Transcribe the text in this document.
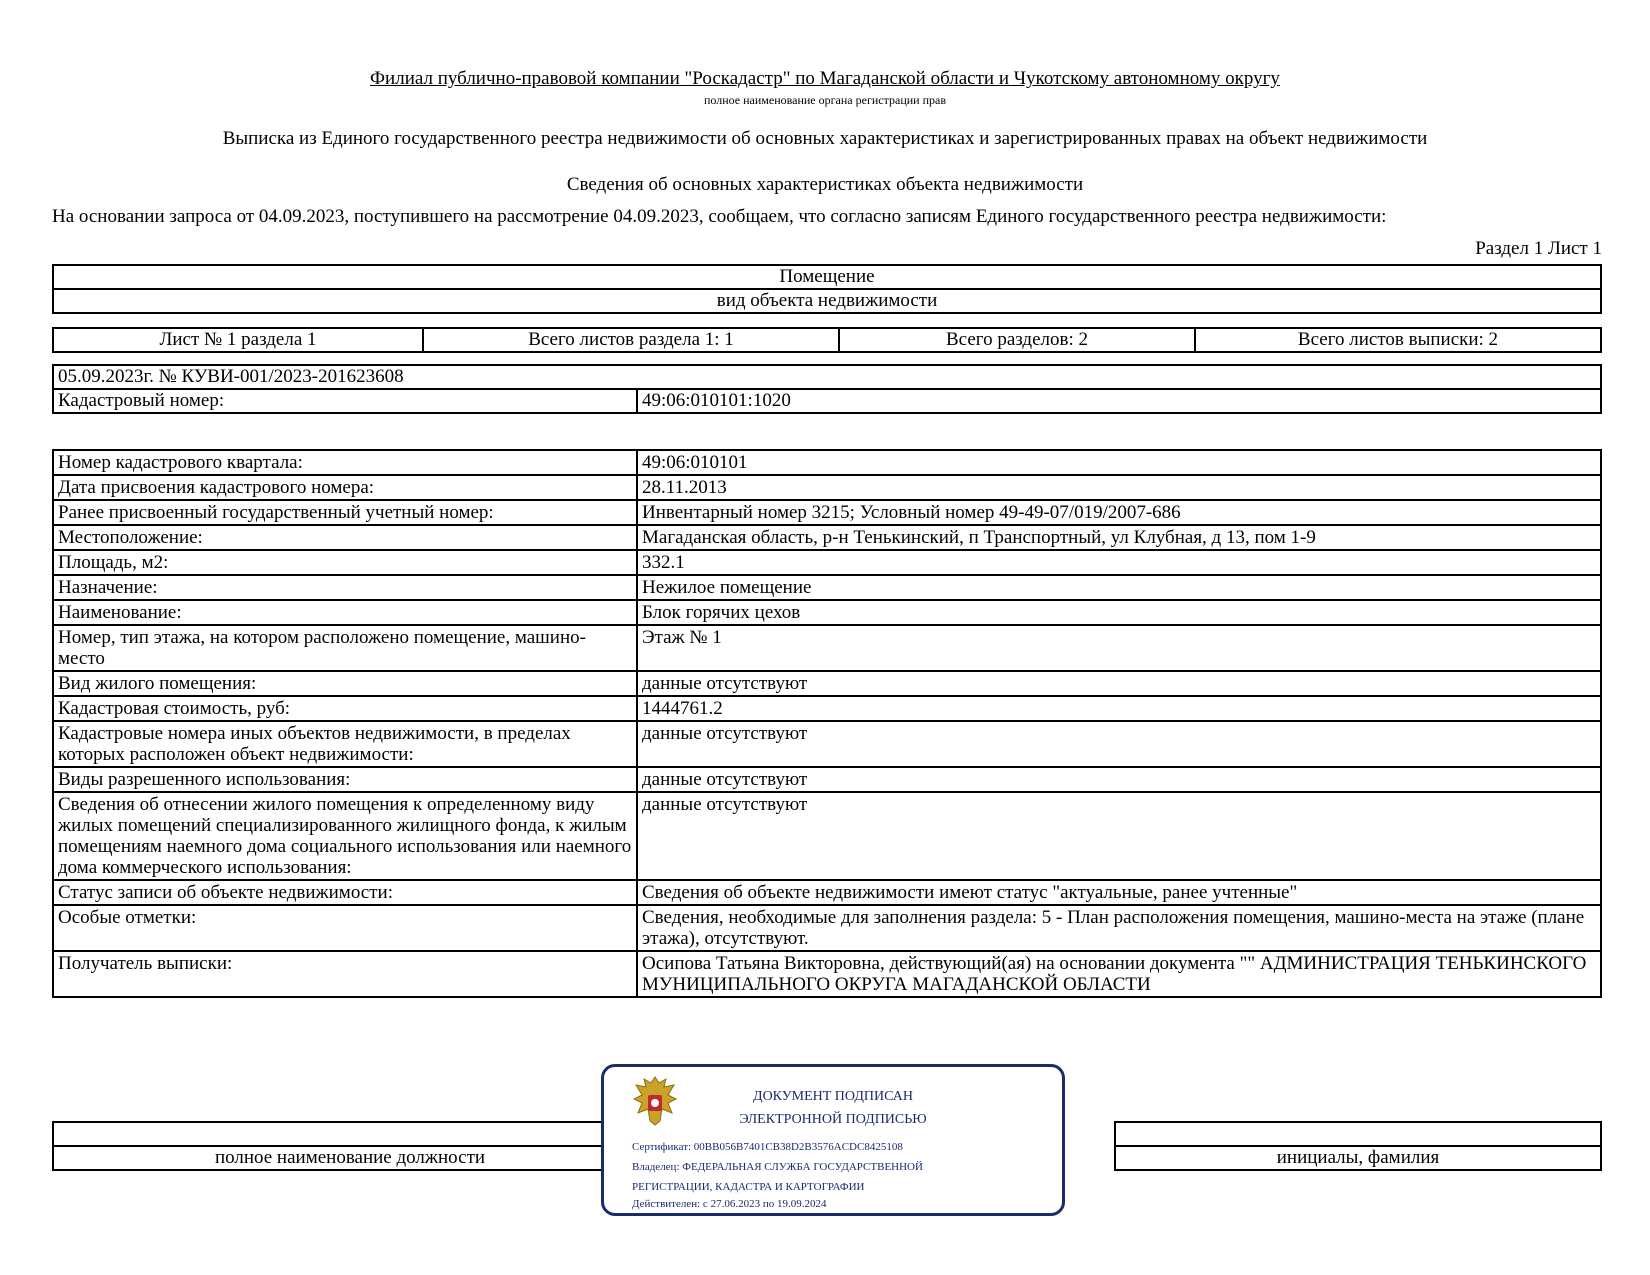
Филиал публично-правовой компании "Роскадастр" по Магаданской области и Чукотскому автономному округу
полное наименование органа регистрации прав
Выписка из Единого государственного реестра недвижимости об основных характеристиках и зарегистрированных правах на объект недвижимости
Сведения об основных характеристиках объекта недвижимости
На основании запроса от 04.09.2023, поступившего на рассмотрение 04.09.2023, сообщаем, что согласно записям Единого государственного реестра недвижимости:
Раздел 1 Лист 1
Помещение
вид объекта недвижимости
Лист № 1 раздела 1	Всего листов раздела 1: 1	Всего разделов: 2	Всего листов выписки: 2
05.09.2023г. № КУВИ-001/2023-201623608
Кадастровый номер:	49:06:010101:1020
Номер кадастрового квартала:	49:06:010101
Дата присвоения кадастрового номера:	28.11.2013
Ранее присвоенный государственный учетный номер:	Инвентарный номер 3215; Условный номер 49-49-07/019/2007-686
Местоположение:	Магаданская область, р-н Тенькинский, п Транспортный, ул Клубная, д 13, пом 1-9
Площадь, м2:	332.1
Назначение:	Нежилое помещение
Наименование:	Блок горячих цехов
Номер, тип этажа, на котором расположено помещение, машино-место	Этаж № 1
Вид жилого помещения:	данные отсутствуют
Кадастровая стоимость, руб:	1444761.2
Кадастровые номера иных объектов недвижимости, в пределах которых расположен объект недвижимости:	данные отсутствуют
Виды разрешенного использования:	данные отсутствуют
Сведения об отнесении жилого помещения к определенному виду жилых помещений специализированного жилищного фонда, к жилым помещениям наемного дома социального использования или наемного дома коммерческого использования:	данные отсутствуют
Статус записи об объекте недвижимости:	Сведения об объекте недвижимости имеют статус "актуальные, ранее учтенные"
Особые отметки:	Сведения, необходимые для заполнения раздела: 5 - План расположения помещения, машино-места на этаже (плане этажа), отсутствуют.
Получатель выписки:	Осипова Татьяна Викторовна, действующий(ая) на основании документа "" АДМИНИСТРАЦИЯ ТЕНЬКИНСКОГО МУНИЦИПАЛЬНОГО ОКРУГА МАГАДАНСКОЙ ОБЛАСТИ

полное наименование должности		инициалы, фамилия
ДОКУМЕНТ ПОДПИСАН
ЭЛЕКТРОННОЙ ПОДПИСЬЮ
Сертификат: 00BB056B7401CB38D2B3576ACDC8425108
Владелец: ФЕДЕРАЛЬНАЯ СЛУЖБА ГОСУДАРСТВЕННОЙ
РЕГИСТРАЦИИ, КАДАСТРА И КАРТОГРАФИИ
Действителен: с 27.06.2023 по 19.09.2024
